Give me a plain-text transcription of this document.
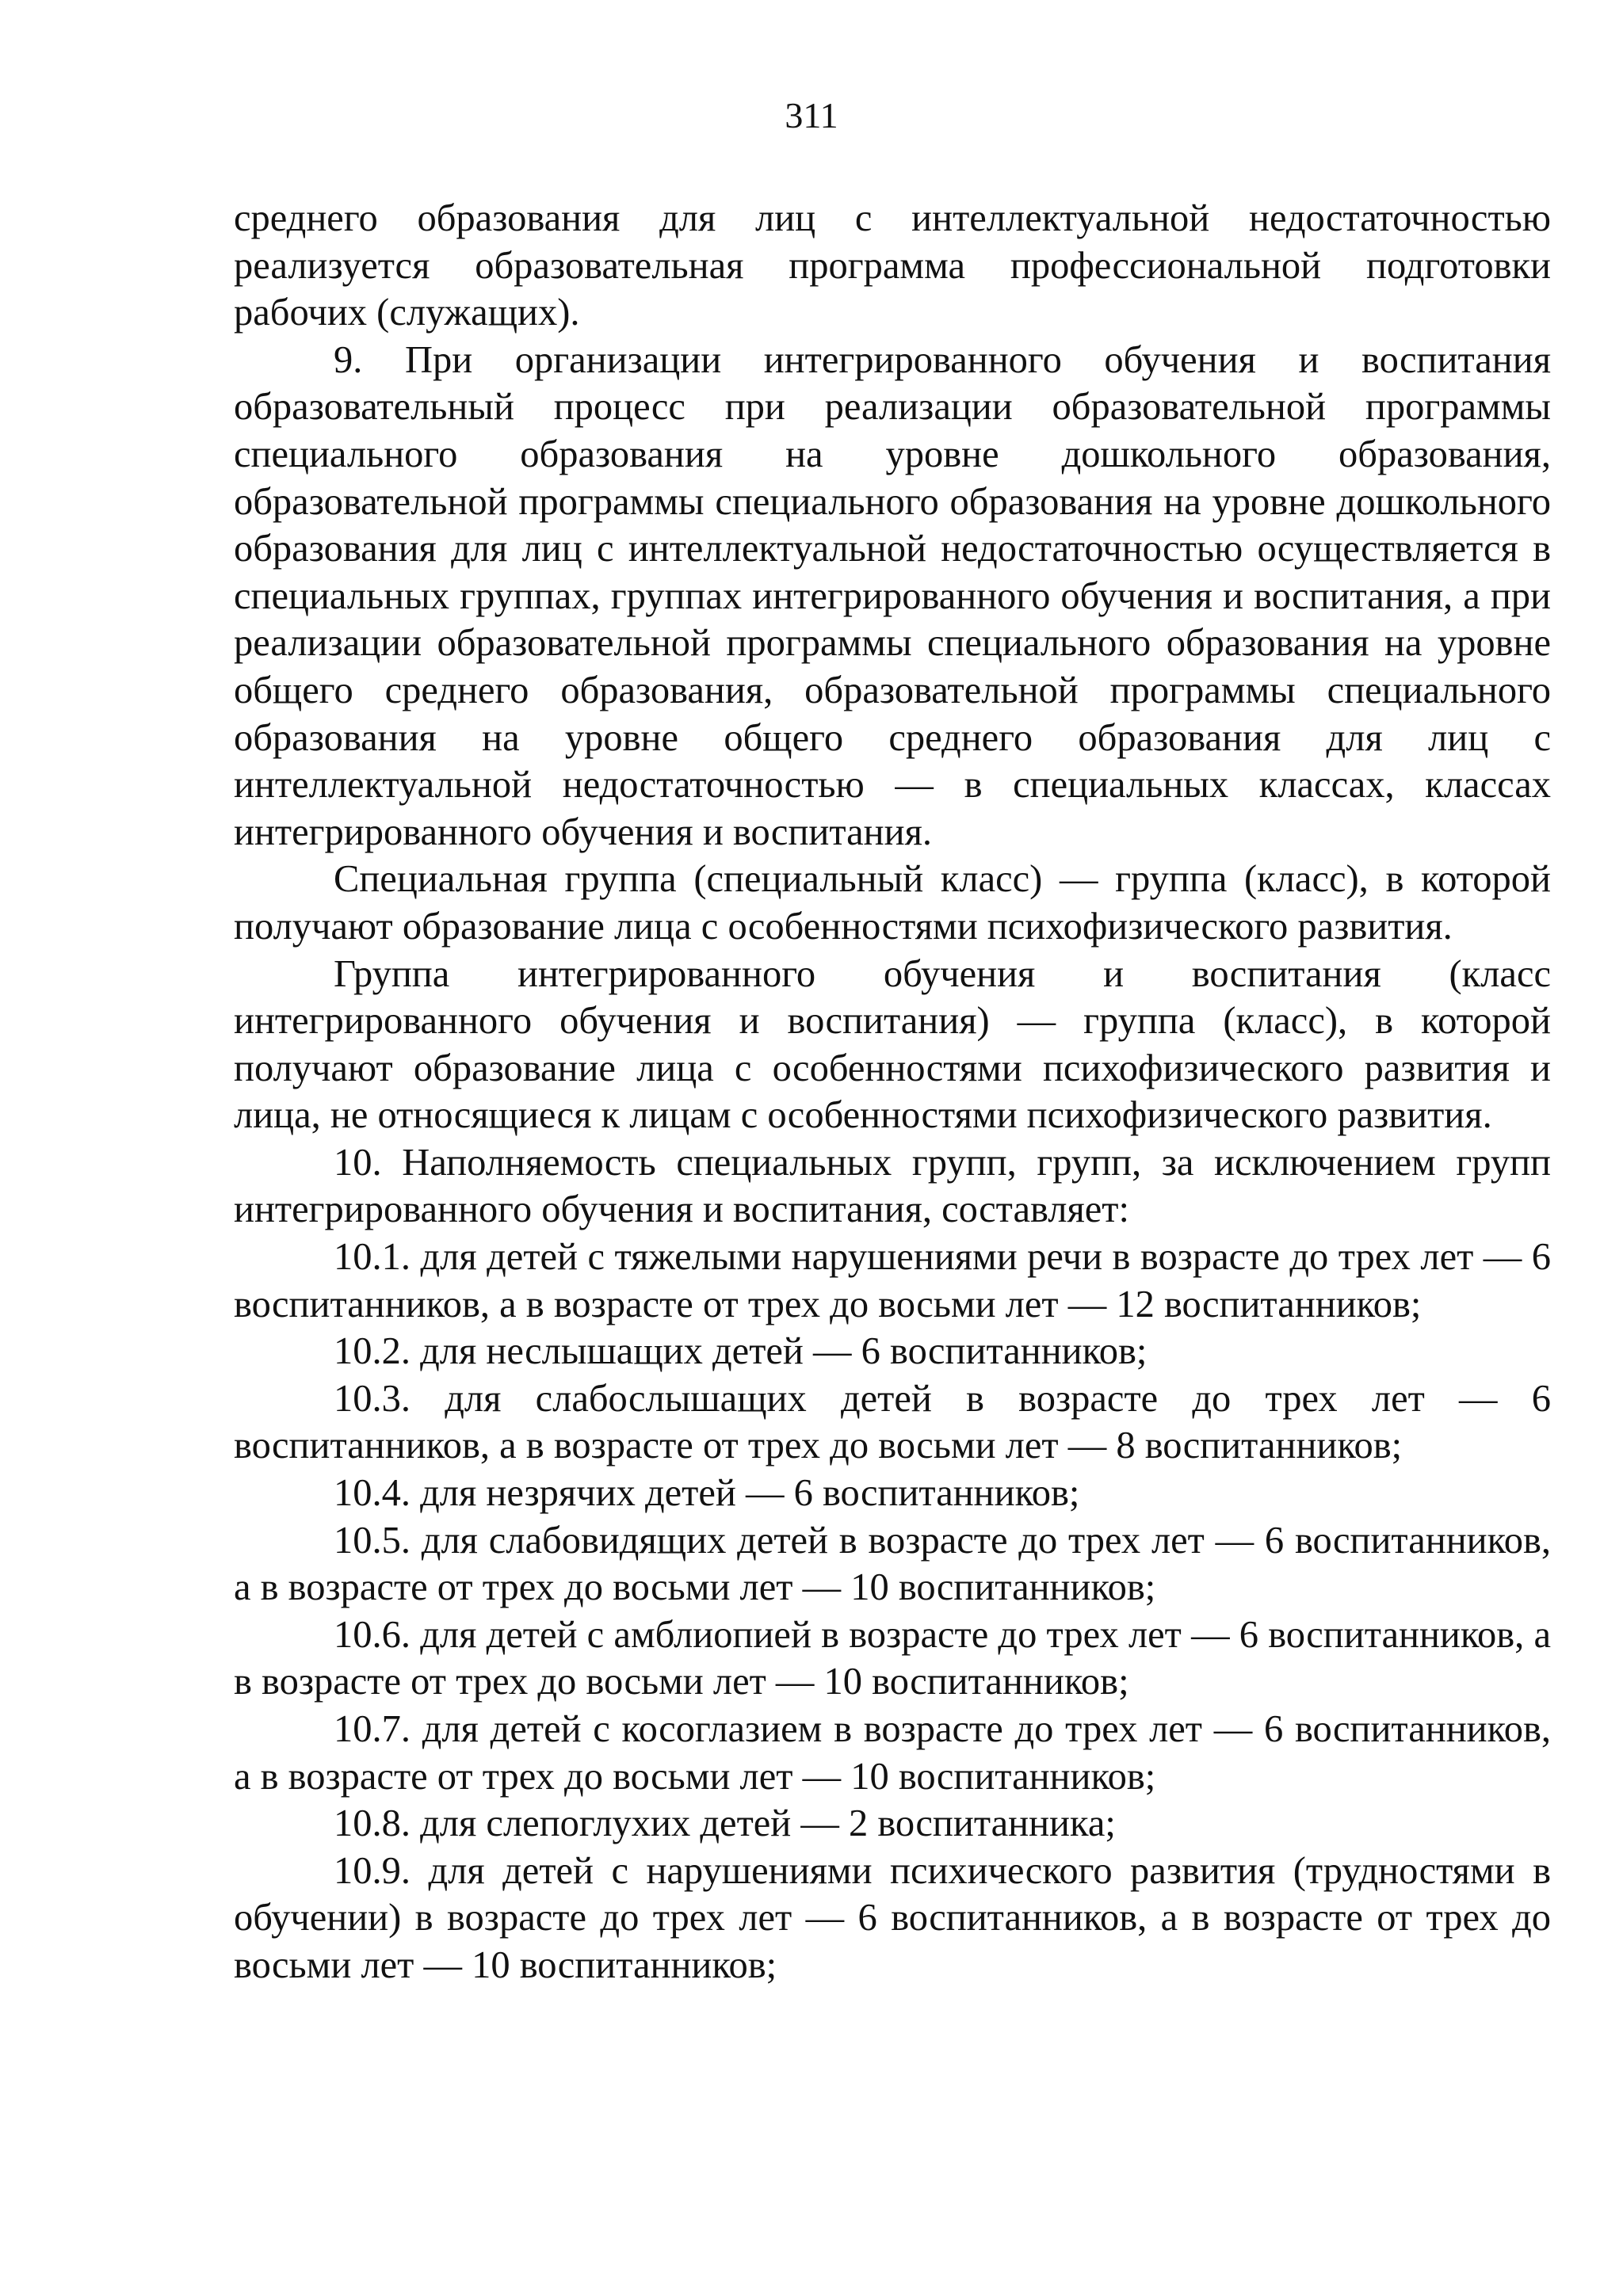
311

среднего образования для лиц с интеллектуальной недостаточностью реализуется образовательная программа профессиональной подготовки рабочих (служащих).

9. При организации интегрированного обучения и воспитания образовательный процесс при реализации образовательной программы специального образования на уровне дошкольного образования, образовательной программы специального образования на уровне дошкольного образования для лиц с интеллектуальной недостаточностью осуществляется в специальных группах, группах интегрированного обучения и воспитания, а при реализации образовательной программы специального образования на уровне общего среднего образования, образовательной программы специального образования на уровне общего среднего образования для лиц с интеллектуальной недостаточностью — в специальных классах, классах интегрированного обучения и воспитания.

Специальная группа (специальный класс) — группа (класс), в которой получают образование лица с особенностями психофизического развития.

Группа интегрированного обучения и воспитания (класс интегрированного обучения и воспитания) — группа (класс), в которой получают образование лица с особенностями психофизического развития и лица, не относящиеся к лицам с особенностями психофизического развития.

10. Наполняемость специальных групп, групп, за исключением групп интегрированного обучения и воспитания, составляет:

10.1. для детей с тяжелыми нарушениями речи в возрасте до трех лет — 6 воспитанников, а в возрасте от трех до восьми лет — 12 воспитанников;

10.2. для неслышащих детей — 6 воспитанников;

10.3. для слабослышащих детей в возрасте до трех лет — 6 воспитанников, а в возрасте от трех до восьми лет — 8 воспитанников;

10.4. для незрячих детей — 6 воспитанников;

10.5. для слабовидящих детей в возрасте до трех лет — 6 воспитанников, а в возрасте от трех до восьми лет — 10 воспитанников;

10.6. для детей с амблиопией в возрасте до трех лет — 6 воспитанников, а в возрасте от трех до восьми лет — 10 воспитанников;

10.7. для детей с косоглазием в возрасте до трех лет — 6 воспитанников, а в возрасте от трех до восьми лет — 10 воспитанников;

10.8. для слепоглухих детей — 2 воспитанника;

10.9. для детей с нарушениями психического развития (трудностями в обучении) в возрасте до трех лет — 6 воспитанников, а в возрасте от трех до восьми лет — 10 воспитанников;
